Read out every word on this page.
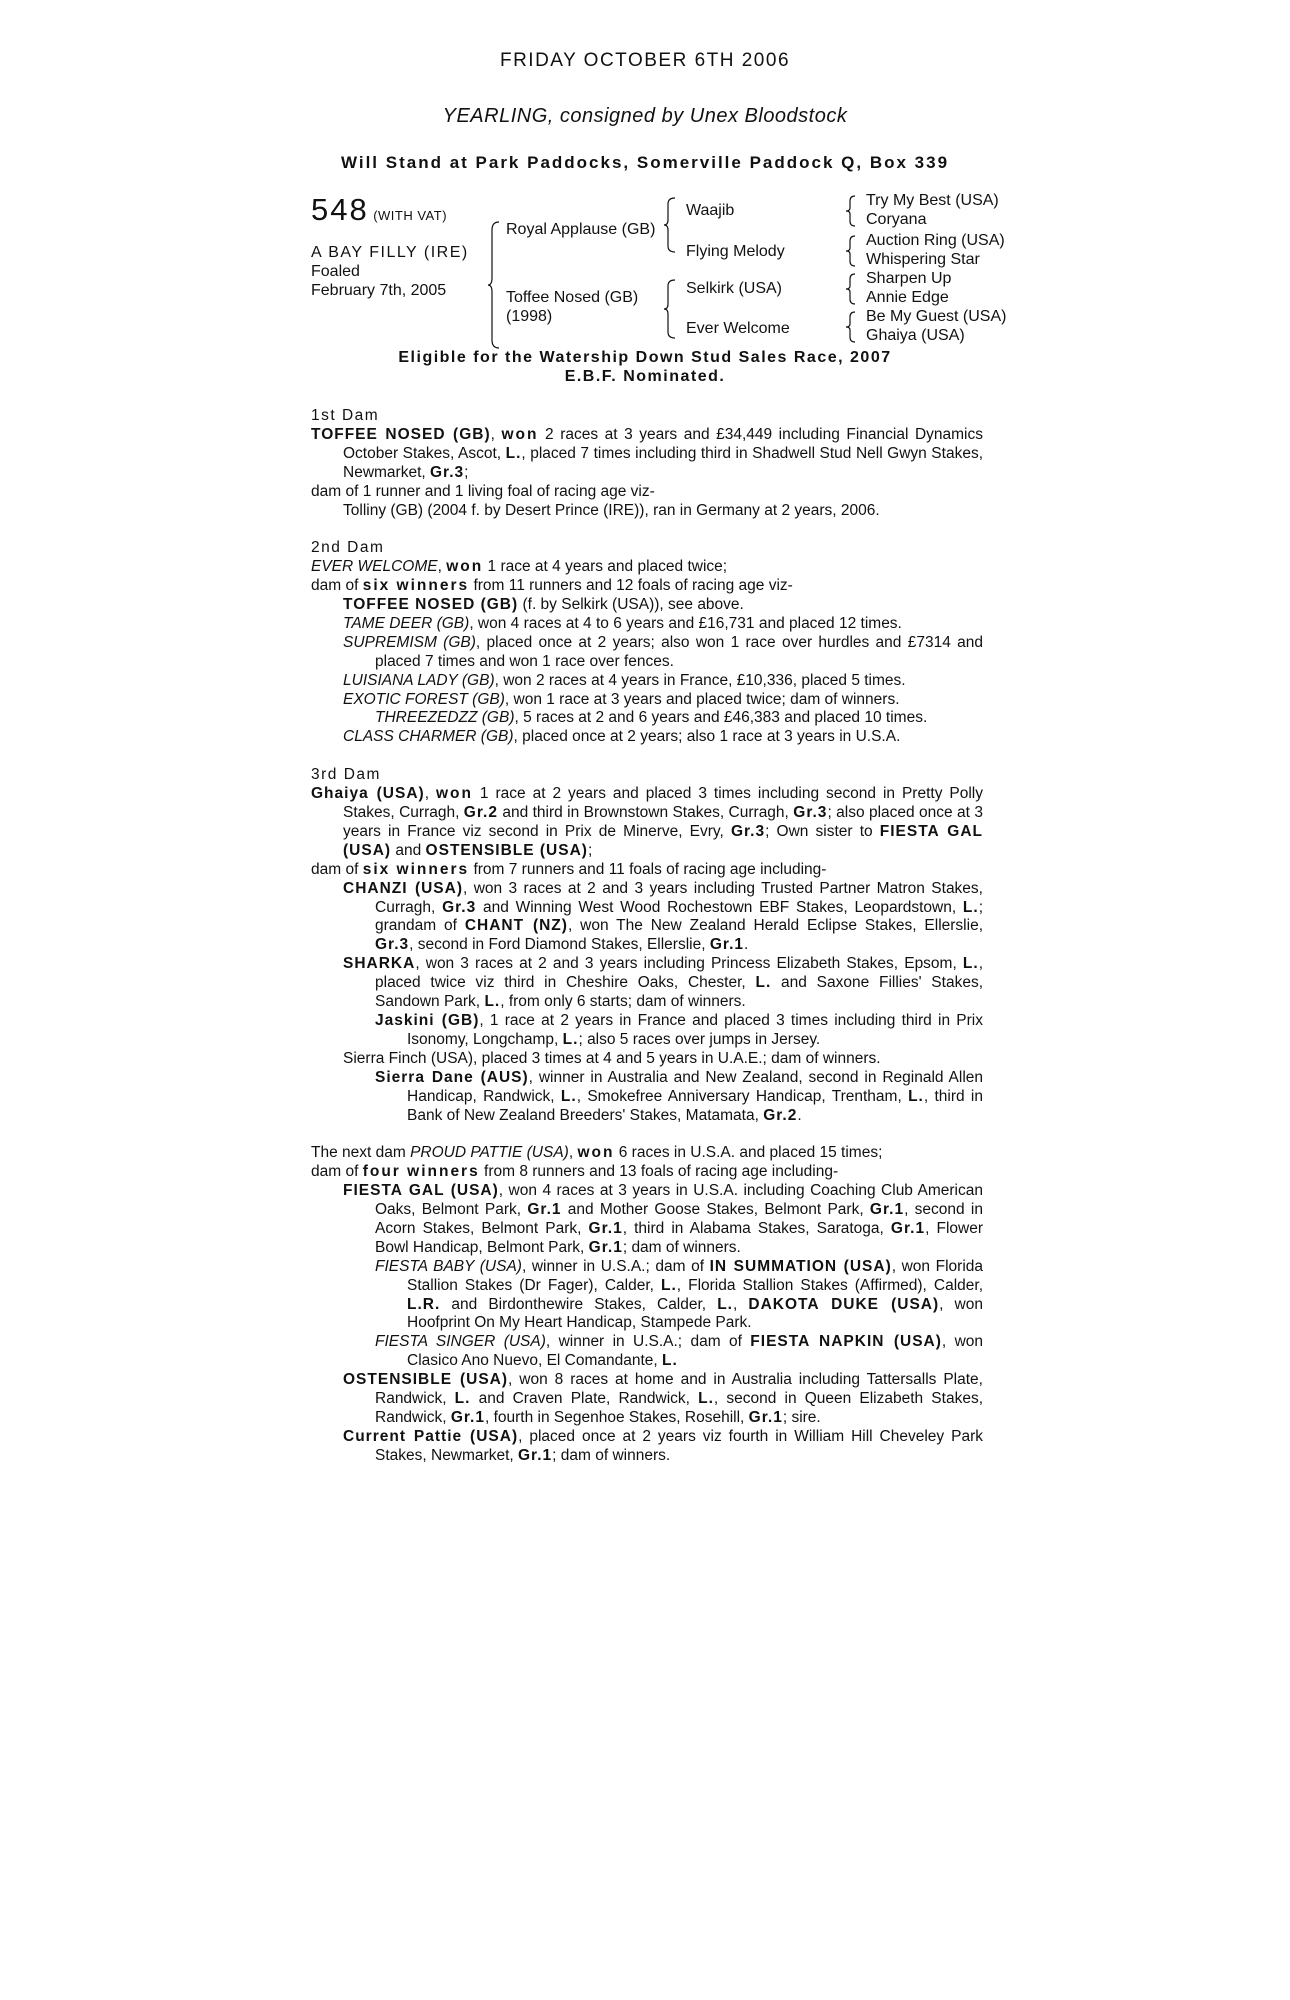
FRIDAY OCTOBER 6TH 2006
YEARLING, consigned by Unex Bloodstock
Will Stand at Park Paddocks, Somerville Paddock Q, Box 339
548 (WITH VAT)
A BAY FILLY (IRE)
Foaled
February 7th, 2005
Royal Applause (GB)
Toffee Nosed (GB)
(1998)
Waajib
Flying Melody
Selkirk (USA)
Ever Welcome
Try My Best (USA)
Coryana
Auction Ring (USA)
Whispering Star
Sharpen Up
Annie Edge
Be My Guest (USA)
Ghaiya (USA)
Eligible for the Watership Down Stud Sales Race, 2007
E.B.F. Nominated.

1st Dam

TOFFEE NOSED (GB), won 2 races at 3 years and £34,449 including Financial Dynamics October Stakes, Ascot, L., placed 7 times including third in Shadwell Stud Nell Gwyn Stakes, Newmarket, Gr.3;

dam of 1 runner and 1 living foal of racing age viz-

Tolliny (GB) (2004 f. by Desert Prince (IRE)), ran in Germany at 2 years, 2006.

2nd Dam

EVER WELCOME, won 1 race at 4 years and placed twice;

dam of six winners from 11 runners and 12 foals of racing age viz-

TOFFEE NOSED (GB) (f. by Selkirk (USA)), see above.

TAME DEER (GB), won 4 races at 4 to 6 years and £16,731 and placed 12 times.

SUPREMISM (GB), placed once at 2 years; also won 1 race over hurdles and £7314 and placed 7 times and won 1 race over fences.

LUISIANA LADY (GB), won 2 races at 4 years in France, £10,336, placed 5 times.

EXOTIC FOREST (GB), won 1 race at 3 years and placed twice; dam of winners.

THREEZEDZZ (GB), 5 races at 2 and 6 years and £46,383 and placed 10 times.

CLASS CHARMER (GB), placed once at 2 years; also 1 race at 3 years in U.S.A.

3rd Dam

Ghaiya (USA), won 1 race at 2 years and placed 3 times including second in Pretty Polly Stakes, Curragh, Gr.2 and third in Brownstown Stakes, Curragh, Gr.3; also placed once at 3 years in France viz second in Prix de Minerve, Evry, Gr.3; Own sister to FIESTA GAL (USA) and OSTENSIBLE (USA);

dam of six winners from 7 runners and 11 foals of racing age including-

CHANZI (USA), won 3 races at 2 and 3 years including Trusted Partner Matron Stakes, Curragh, Gr.3 and Winning West Wood Rochestown EBF Stakes, Leopardstown, L.; grandam of CHANT (NZ), won The New Zealand Herald Eclipse Stakes, Ellerslie, Gr.3, second in Ford Diamond Stakes, Ellerslie, Gr.1.

SHARKA, won 3 races at 2 and 3 years including Princess Elizabeth Stakes, Epsom, L., placed twice viz third in Cheshire Oaks, Chester, L. and Saxone Fillies' Stakes, Sandown Park, L., from only 6 starts; dam of winners.

Jaskini (GB), 1 race at 2 years in France and placed 3 times including third in Prix Isonomy, Longchamp, L.; also 5 races over jumps in Jersey.

Sierra Finch (USA), placed 3 times at 4 and 5 years in U.A.E.; dam of winners.

Sierra Dane (AUS), winner in Australia and New Zealand, second in Reginald Allen Handicap, Randwick, L., Smokefree Anniversary Handicap, Trentham, L., third in Bank of New Zealand Breeders' Stakes, Matamata, Gr.2.

The next dam PROUD PATTIE (USA), won 6 races in U.S.A. and placed 15 times;

dam of four winners from 8 runners and 13 foals of racing age including-

FIESTA GAL (USA), won 4 races at 3 years in U.S.A. including Coaching Club American Oaks, Belmont Park, Gr.1 and Mother Goose Stakes, Belmont Park, Gr.1, second in Acorn Stakes, Belmont Park, Gr.1, third in Alabama Stakes, Saratoga, Gr.1, Flower Bowl Handicap, Belmont Park, Gr.1; dam of winners.

FIESTA BABY (USA), winner in U.S.A.; dam of IN SUMMATION (USA), won Florida Stallion Stakes (Dr Fager), Calder, L., Florida Stallion Stakes (Affirmed), Calder, L.R. and Birdonthewire Stakes, Calder, L., DAKOTA DUKE (USA), won Hoofprint On My Heart Handicap, Stampede Park.

FIESTA SINGER (USA), winner in U.S.A.; dam of FIESTA NAPKIN (USA), won Clasico Ano Nuevo, El Comandante, L.

OSTENSIBLE (USA), won 8 races at home and in Australia including Tattersalls Plate, Randwick, L. and Craven Plate, Randwick, L., second in Queen Elizabeth Stakes, Randwick, Gr.1, fourth in Segenhoe Stakes, Rosehill, Gr.1; sire.

Current Pattie (USA), placed once at 2 years viz fourth in William Hill Cheveley Park Stakes, Newmarket, Gr.1; dam of winners.
